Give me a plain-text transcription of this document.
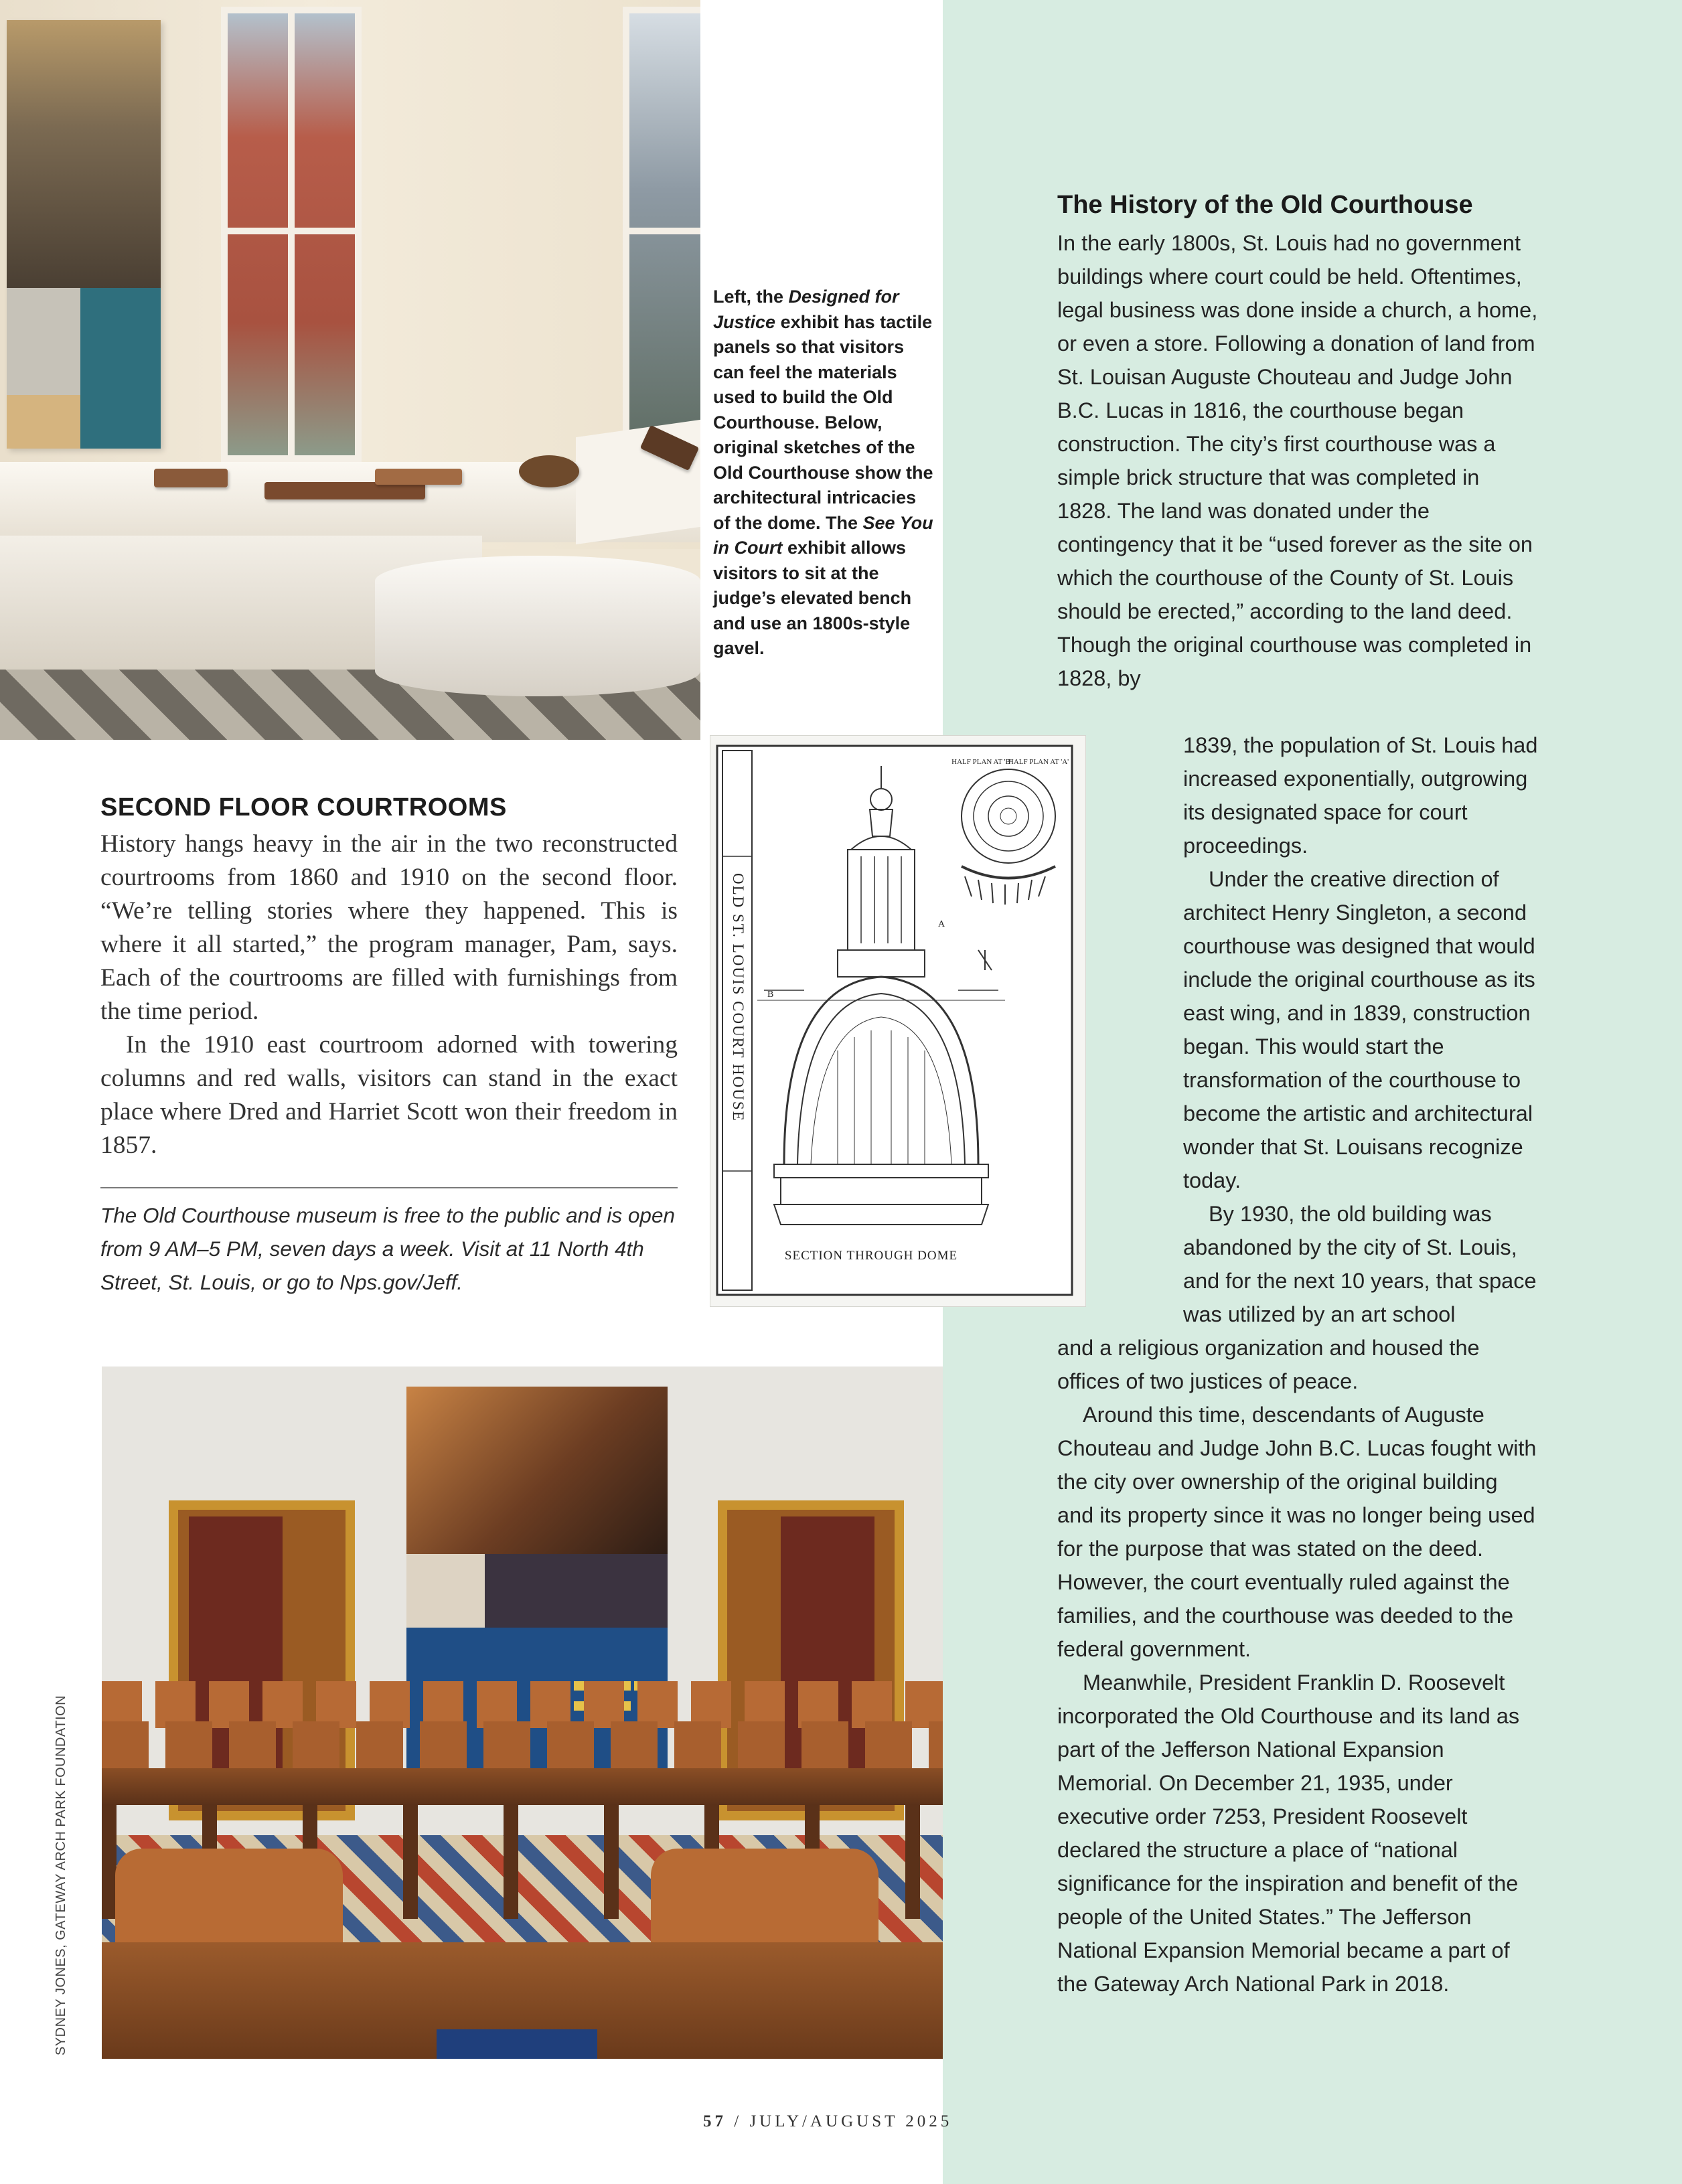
Left, the Designed for Justice exhibit has tactile panels so that visitors can feel the materials used to build the Old Courthouse. Below, original sketches of the Old Courthouse show the architectural intricacies of the dome. The See You in Court exhibit allows visitors to sit at the judge’s elevated bench and use an 1800s-style gavel.
OLD ST. LOUIS COURT HOUSE
HALF PLAN AT 'B'
HALF PLAN AT 'A'
A
B
SECTION THROUGH DOME
SECOND FLOOR COURTROOMS

History hangs heavy in the air in the two reconstructed courtrooms from 1860 and 1910 on the second floor. “We’re telling stories where they happened. This is where it all started,” the program manager, Pam, says. Each of the courtrooms are filled with furnishings from the time period.

In the 1910 east courtroom adorned with towering columns and red walls, visitors can stand in the exact place where Dred and Harriet Scott won their freedom in 1857.

The Old Courthouse museum is free to the public and is open from 9 AM–5 PM, seven days a week. Visit at 11 North 4th Street, St. Louis, or go to Nps.gov/Jeff.
The History of the Old Courthouse

In the early 1800s, St. Louis had no government buildings where court could be held. Oftentimes, legal business was done inside a church, a home, or even a store. Following a donation of land from St. Louisan Auguste Chouteau and Judge John B.C. Lucas in 1816, the courthouse began construction. The city’s first courthouse was a simple brick structure that was completed in 1828. The land was donated under the contingency that it be “used forever as the site on which the courthouse of the County of St. Louis should be erected,” according to the land deed. Though the original courthouse was completed in 1828, by

1839, the population of St. Louis had increased exponentially, outgrowing its designated space for court proceedings.

Under the creative direction of architect Henry Singleton, a second courthouse was designed that would include the original courthouse as its east wing, and in 1839, construction began. This would start the transformation of the courthouse to become the artistic and architectural wonder that St. Louisans recognize today.

By 1930, the old building was abandoned by the city of St. Louis, and for the next 10 years, that space was utilized by an art school

and a religious organization and housed the offices of two justices of peace.

Around this time, descendants of Auguste Chouteau and Judge John B.C. Lucas fought with the city over ownership of the original building and its property since it was no longer being used for the purpose that was stated on the deed. However, the court eventually ruled against the families, and the courthouse was deeded to the federal government.

Meanwhile, President Franklin D. Roosevelt incorporated the Old Courthouse and its land as part of the Jefferson National Expansion Memorial. On December 21, 1935, under executive order 7253, President Roosevelt declared the structure a place of “national significance for the inspiration and benefit of the people of the United States.” The Jefferson National Expansion Memorial became a part of the Gateway Arch National Park in 2018.

SYDNEY JONES, GATEWAY ARCH PARK FOUNDATION
57 / JULY/AUGUST 2025
